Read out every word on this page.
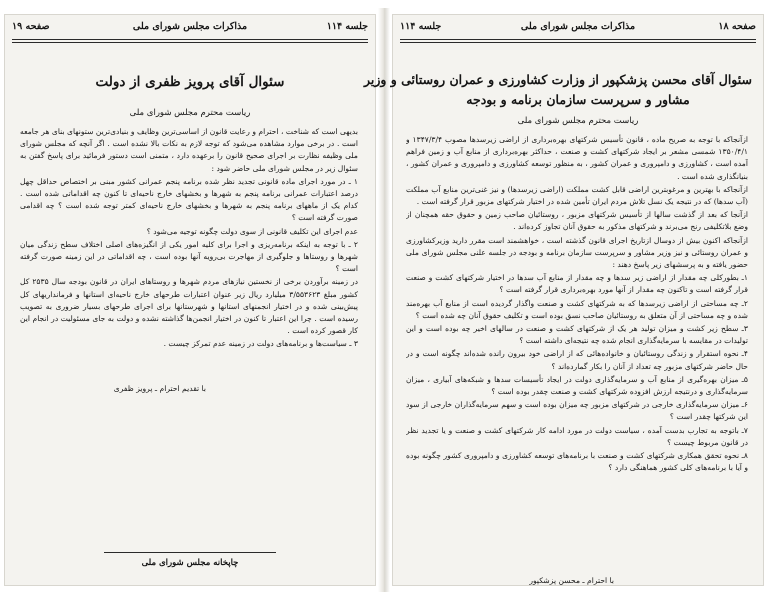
صفحه ۱۹	مذاکرات مجلس شورای ملی	جلسه ۱۱۴

سئوال آقای پرویز ظفری از دولت

ریاست محترم مجلس شورای ملی

بدیهی است که شناخت ، احترام و رعایت قانون از اساسی‌ترین وظایف و بنیادی‌ترین ستونهای بنای هر جامعه است . در برخی موارد مشاهده می‌شود که توجه لازم به نکات بالا نشده است . اگر آنچه که مجلس شورای ملی وظیفه نظارت بر اجرای صحیح قانون را برعهده دارد ، متمنی است دستور فرمائید برای پاسخ گفتن به سئوال زیر در مجلس شورای ملی حاضر شود :

۱ ـ در مورد اجرای ماده قانونی تجدید نظر شده برنامه پنجم عمرانی کشور مبنی بر اختصاص حداقل چهل درصد اعتبارات عمرانی برنامه پنجم به شهرها و بخشهای خارج ناحیه‌ای تا کنون چه اقداماتی شده است . کدام یک از ماههای برنامه پنجم به شهرها و بخشهای خارج ناحیه‌ای کمتر توجه شده است ؟ چه اقدامی صورت گرفته است ؟

عدم اجرای این تکلیف قانونی از سوی دولت چگونه توجیه می‌شود ؟

۲ ـ با توجه به اینکه برنامه‌ریزی و اجرا برای کلیه امور یکی از انگیزه‌های اصلی اختلاف سطح زندگی میان شهرها و روستاها و جلوگیری از مهاجرت بی‌رویه آنها بوده است ، چه اقداماتی در این زمینه صورت گرفته است ؟

در زمینه برآوردن برخی از نخستین نیازهای مردم شهرها و روستاهای ایران در قانون بودجه سال ۲۵۳۵ کل کشور مبلغ ۳/۵۵۳۶۲۳ میلیارد ریال زیر عنوان اعتبارات طرحهای خارج ناحیه‌ای استانها و فرمانداریهای کل پیش‌بینی شده و در اختیار انجمنهای استانها و شهرستانها برای اجرای طرحهای بسیار ضروری به تصویب رسیده است . چرا این اعتبار تا کنون در اختیار انجمن‌ها گذاشته نشده و دولت به جای مسئولیت در انجام این کار قصور کرده است .

۳ ـ سیاست‌ها و برنامه‌های دولت در زمینه عدم تمرکز چیست .

با تقدیم احترام ـ پرویز ظفری
چاپخانه مجلس شورای ملی
جلسه ۱۱۴	مذاکرات مجلس شورای ملی	صفحه ۱۸

سئوال آقای محسن پزشکپور از وزارت کشاورزی و عمران روستائی و وزیر

مشاور و سرپرست سازمان برنامه و بودجه

ریاست محترم مجلس شورای ملی

ازآنجاکه با توجه به صریح ماده ، قانون تأسیس شرکتهای بهره‌برداری از اراضی زیرسدها مصوب ۱۳۴۷/۳/۴ و ۱۳۵۰/۴/۱ شمسی مشعر بر ایجاد شرکتهای کشت و صنعت ، حداکثر بهره‌برداری از منابع آب و زمین فراهم آمده است ، کشاورزی و دامپروری و عمران کشور ، به منظور توسعه کشاورزی و دامپروری و عمران کشور ، بنیانگذاری شده است .

ازآنجاکه با بهترین و مرغوبترین اراضی قابل کشت مملکت (اراضی زیرسدها) و نیز غنی‌ترین منابع آب مملکت (آب سدها) که در نتیجه یک نسل تلاش مردم ایران تأمین شده در اختیار شرکتهای مزبور قرار گرفته است .

ازآنجا که بعد از گذشت سالها از تأسیس شرکتهای مزبور ، روستائیان صاحب زمین و حقوق حقه همچنان از وضع بلاتکلیفی رنج می‌برند و شرکتهای مذکور به حقوق آنان تجاوز کرده‌اند .

ازآنجاکه اکنون بیش از دوسال ازتاریخ اجرای قانون گذشته است ، خواهشمند است مقرر دارید وزیرکشاورزی و عمران روستائی و نیز وزیر مشاور و سرپرست سازمان برنامه و بودجه در جلسه علنی مجلس شورای ملی حضور یافته و به پرسشهای زیر پاسخ دهند :

۱ـ بطورکلی چه مقدار از اراضی زیر سدها و چه مقدار از منابع آب سدها در اختیار شرکتهای کشت و صنعت قرار گرفته است و تاکنون چه مقدار از آنها مورد بهره‌برداری قرار گرفته است ؟

۲ـ چه مساحتی از اراضی زیرسدها که به شرکتهای کشت و صنعت واگذار گردیده است از منابع آب بهره‌مند شده و چه مساحتی از آن متعلق به روستائیان صاحب نسق بوده است و تکلیف حقوق آنان چه شده است ؟

۳ـ سطح زیر کشت و میزان تولید هر یک از شرکتهای کشت و صنعت در سالهای اخیر چه بوده است و این تولیدات در مقایسه با سرمایه‌گذاری انجام شده چه نتیجه‌ای داشته است ؟

۴ـ نحوه استقرار و زندگی روستائیان و خانواده‌هائی که از اراضی خود بیرون رانده شده‌اند چگونه است و در حال حاضر شرکتهای مزبور چه تعداد از آنان را بکار گمارده‌اند ؟

۵ـ میزان بهره‌گیری از منابع آب و سرمایه‌گذاری دولت در ایجاد تأسیسات سدها و شبکه‌های آبیاری ، میزان سرمایه‌گذاری و درنتیجه ارزش افزوده شرکتهای کشت و صنعت چقدر بوده است ؟

۶ـ میزان سرمایه‌گذاری خارجی در شرکتهای مزبور چه میزان بوده است و سهم سرمایه‌گذاران خارجی از سود این شرکتها چقدر است ؟

۷ـ باتوجه به تجارب بدست آمده ، سیاست دولت در مورد ادامه کار شرکتهای کشت و صنعت و یا تجدید نظر در قانون مربوط چیست ؟

۸ـ نحوه تحقق همکاری شرکتهای کشت و صنعت با برنامه‌های توسعه کشاورزی و دامپروری کشور چگونه بوده و آیا با برنامه‌های کلی کشور هماهنگی دارد ؟

با احترام ـ محسن پزشکپور
